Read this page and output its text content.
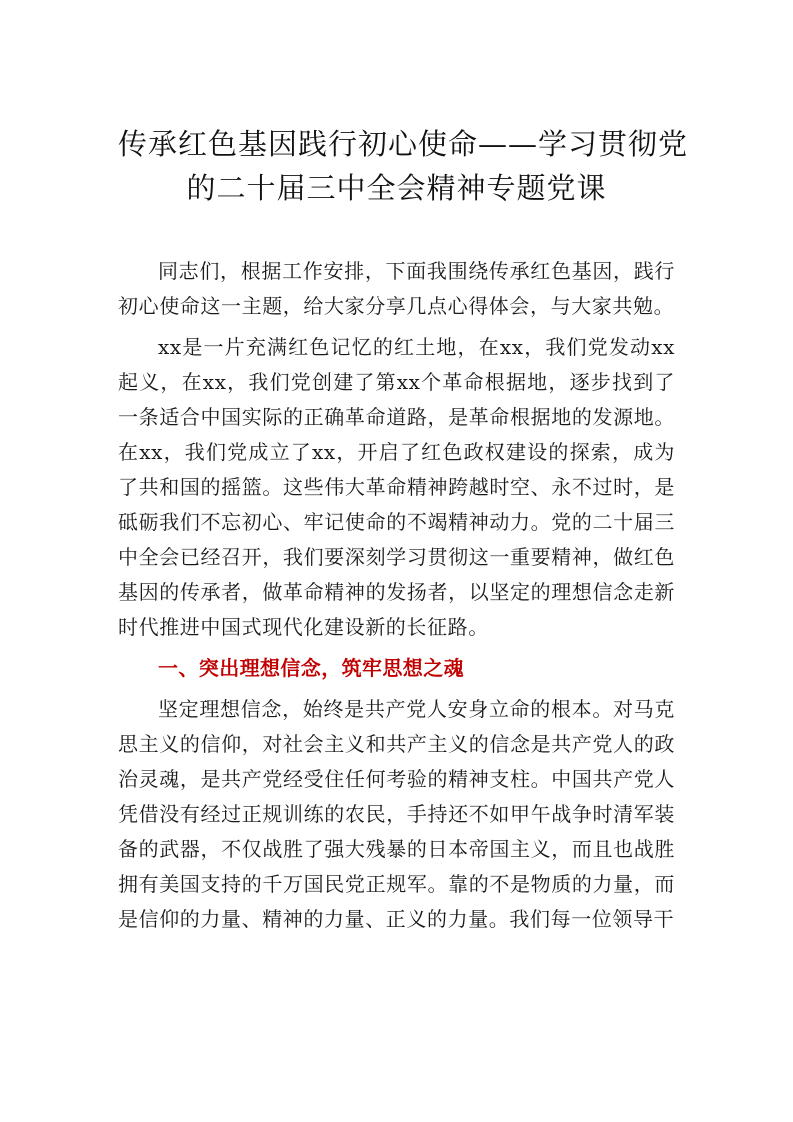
传承红色基因践行初心使命——学习贯彻党
的二十届三中全会精神专题党课

同志们，根据工作安排，下面我围绕传承红色基因，践行初心使命这一主题，给大家分享几点心得体会，与大家共勉。

xx是一片充满红色记忆的红土地，在xx，我们党发动xx起义，在xx，我们党创建了第xx个革命根据地，逐步找到了一条适合中国实际的正确革命道路，是革命根据地的发源地。在xx，我们党成立了xx，开启了红色政权建设的探索，成为了共和国的摇篮。这些伟大革命精神跨越时空、永不过时，是砥砺我们不忘初心、牢记使命的不竭精神动力。党的二十届三中全会已经召开，我们要深刻学习贯彻这一重要精神，做红色基因的传承者，做革命精神的发扬者，以坚定的理想信念走新时代推进中国式现代化建设新的长征路。

一、突出理想信念，筑牢思想之魂

坚定理想信念，始终是共产党人安身立命的根本。对马克思主义的信仰，对社会主义和共产主义的信念是共产党人的政治灵魂，是共产党经受住任何考验的精神支柱。中国共产党人凭借没有经过正规训练的农民，手持还不如甲午战争时清军装备的武器，不仅战胜了强大残暴的日本帝国主义，而且也战胜拥有美国支持的千万国民党正规军。靠的不是物质的力量，而是信仰的力量、精神的力量、正义的力量。我们每一位领导干
